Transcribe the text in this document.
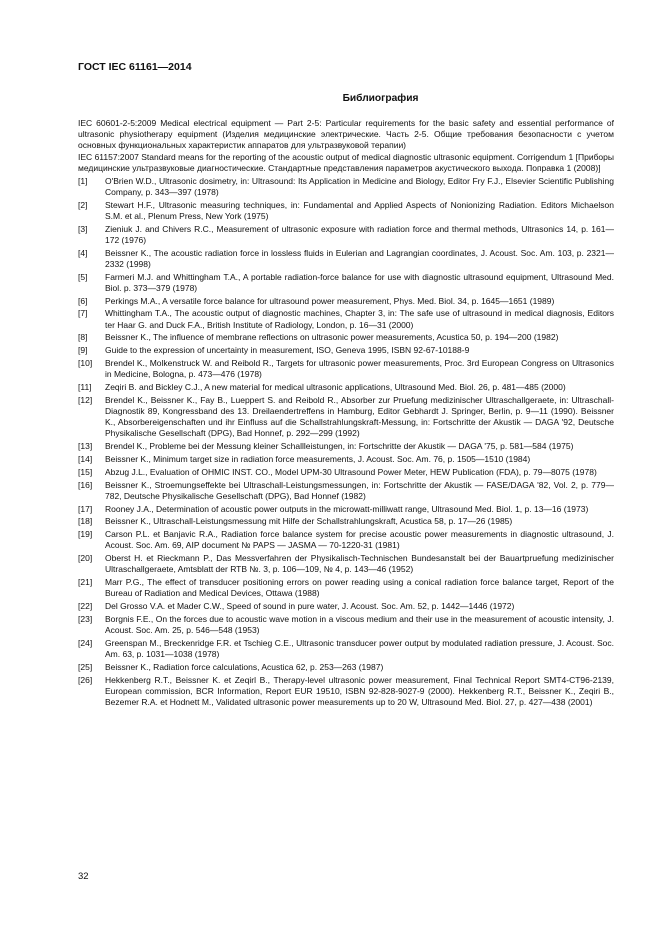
ГОСТ IEC 61161—2014
Библиография

IEC 60601-2-5:2009 Medical electrical equipment — Part 2-5: Particular requirements for the basic safety and essential performance of ultrasonic physiotherapy equipment (Изделия медицинские электрические. Часть 2-5. Общие требования безопасности с учетом основных функциональных характеристик аппаратов для ультразвуковой терапии)

IEC 61157:2007 Standard means for the reporting of the acoustic output of medical diagnostic ultrasonic equipment. Corrigendum 1 [Приборы медицинские ультразвуковые диагностические. Стандартные представления параметров акустического выхода. Поправка 1 (2008)]

[1]	O'Brien W.D., Ultrasonic dosimetry, in: Ultrasound: Its Application in Medicine and Biology, Editor Fry F.J., Elsevier Scientific Publishing Company, p. 343—397 (1978)
[2]	Stewart H.F., Ultrasonic measuring techniques, in: Fundamental and Applied Aspects of Nonionizing Radiation. Editors Michaelson S.M. et al., Plenum Press, New York (1975)
[3]	Zieniuk J. and Chivers R.C., Measurement of ultrasonic exposure with radiation force and thermal methods, Ultrasonics 14, p. 161—172 (1976)
[4]	Beissner K., The acoustic radiation force in lossless fluids in Eulerian and Lagrangian coordinates, J. Acoust. Soc. Am. 103, p. 2321—2332 (1998)
[5]	Farmeri M.J. and Whittingham T.A., A portable radiation-force balance for use with diagnostic ultrasound equipment, Ultrasound Med. Biol. p. 373—379 (1978)
[6]	Perkings M.A., A versatile force balance for ultrasound power measurement, Phys. Med. Biol. 34, p. 1645—1651 (1989)
[7]	Whittingham T.A., The acoustic output of diagnostic machines, Chapter 3, in: The safe use of ultrasound in medical diagnosis, Editors ter Haar G. and Duck F.A., British Institute of Radiology, London, p. 16—31 (2000)
[8]	Beissner K., The influence of membrane reflections on ultrasonic power measurements, Acustica 50, p. 194—200 (1982)
[9]	Guide to the expression of uncertainty in measurement, ISO, Geneva 1995, ISBN 92-67-10188-9
[10]	Brendel K., Molkenstruck W. and Reibold R., Targets for ultrasonic power measurements, Proc. 3rd European Congress on Ultrasonics in Medicine, Bologna, p. 473—476 (1978)
[11]	Zeqiri B. and Bickley C.J., A new material for medical ultrasonic applications, Ultrasound Med. Biol. 26, p. 481—485 (2000)
[12]	Brendel K., Beissner K., Fay B., Lueppert S. and Reibold R., Absorber zur Pruefung medizinischer Ultraschallgeraete, in: Ultraschall-Diagnostik 89, Kongressband des 13. Dreilaendertreffens in Hamburg, Editor Gebhardt J. Springer, Berlin, p. 9—11 (1990). Beissner K., Absorbereigenschaften und ihr Einfluss auf die Schallstrahlungskraft-Messung, in: Fortschritte der Akustik — DAGA '92, Deutsche Physikalische Gesellschaft (DPG), Bad Honnef, p. 292—299 (1992)
[13]	Brendel K., Probleme bei der Messung kleiner Schallleistungen, in: Fortschritte der Akustik — DAGA '75, p. 581—584 (1975)
[14]	Beissner K., Minimum target size in radiation force measurements, J. Acoust. Soc. Am. 76, p. 1505—1510 (1984)
[15]	Abzug J.L., Evaluation of OHMIC INST. CO., Model UPM-30 Ultrasound Power Meter, HEW Publication (FDA), p. 79—8075 (1978)
[16]	Beissner K., Stroemungseffekte bei Ultraschall-Leistungsmessungen, in: Fortschritte der Akustik — FASE/DAGA '82, Vol. 2, p. 779—782, Deutsche Physikalische Gesellschaft (DPG), Bad Honnef (1982)
[17]	Rooney J.A., Determination of acoustic power outputs in the microwatt-milliwatt range, Ultrasound Med. Biol. 1, p. 13—16 (1973)
[18]	Beissner K., Ultraschall-Leistungsmessung mit Hilfe der Schallstrahlungskraft, Acustica 58, p. 17—26 (1985)
[19]	Carson P.L. et Banjavic R.A., Radiation force balance system for precise acoustic power measurements in diagnostic ultrasound, J. Acoust. Soc. Am. 69, AIP document № PAPS — JASMA — 70-1220-31 (1981)
[20]	Oberst H. et Rieckmann P., Das Messverfahren der Physikalisch-Technischen Bundesanstalt bei der Bauartpruefung medizinischer Ultraschallgeraete, Amtsblatt der RTB №. 3, p. 106—109, № 4, p. 143—46 (1952)
[21]	Marr P.G., The effect of transducer positioning errors on power reading using a conical radiation force balance target, Report of the Bureau of Radiation and Medical Devices, Ottawa (1988)
[22]	Del Grosso V.A. et Mader C.W., Speed of sound in pure water, J. Acoust. Soc. Am. 52, p. 1442—1446 (1972)
[23]	Borgnis F.E., On the forces due to acoustic wave motion in a viscous medium and their use in the measurement of acoustic intensity, J. Acoust. Soc. Am. 25, p. 546—548 (1953)
[24]	Greenspan M., Breckenridge F.R. et Tschieg C.E., Ultrasonic transducer power output by modulated radiation pressure, J. Acoust. Soc. Am. 63, p. 1031—1038 (1978)
[25]	Beissner K., Radiation force calculations, Acustica 62, p. 253—263 (1987)
[26]	Hekkenberg R.T., Beissner K. et Zeqirl B., Therapy-level ultrasonic power measurement, Final Technical Report SMT4-CT96-2139, European commission, BCR Information, Report EUR 19510, ISBN 92-828-9027-9 (2000). Hekkenberg R.T., Beissner K., Zeqiri B., Bezemer R.A. et Hodnett M., Validated ultrasonic power measurements up to 20 W, Ultrasound Med. Biol. 27, p. 427—438 (2001)
32
